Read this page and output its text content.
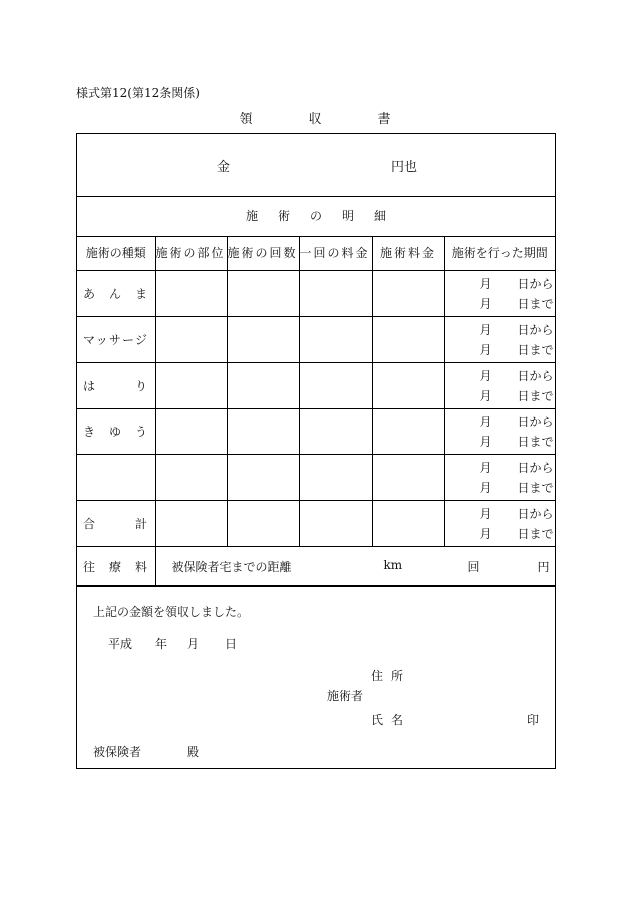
様式第12(第12条関係)
領収書
金	円也
施術の明細
施術の種類	施術の部位	施術の回数	一回の料金	施術料金	施術を行った期間
あんま					月 日から
月 日まで

マッサージ					月 日から
月 日まで

はり					月 日から
月 日まで

きゆう					月 日から
月 日まで

					月 日から
月 日まで

合計					月 日から
月 日まで

往療料	被保険者宅までの距離 km 回 円				
上記の金額を領収しました。
平成 年 月 日
住所
施術者
氏名	印
被保険者	殿
